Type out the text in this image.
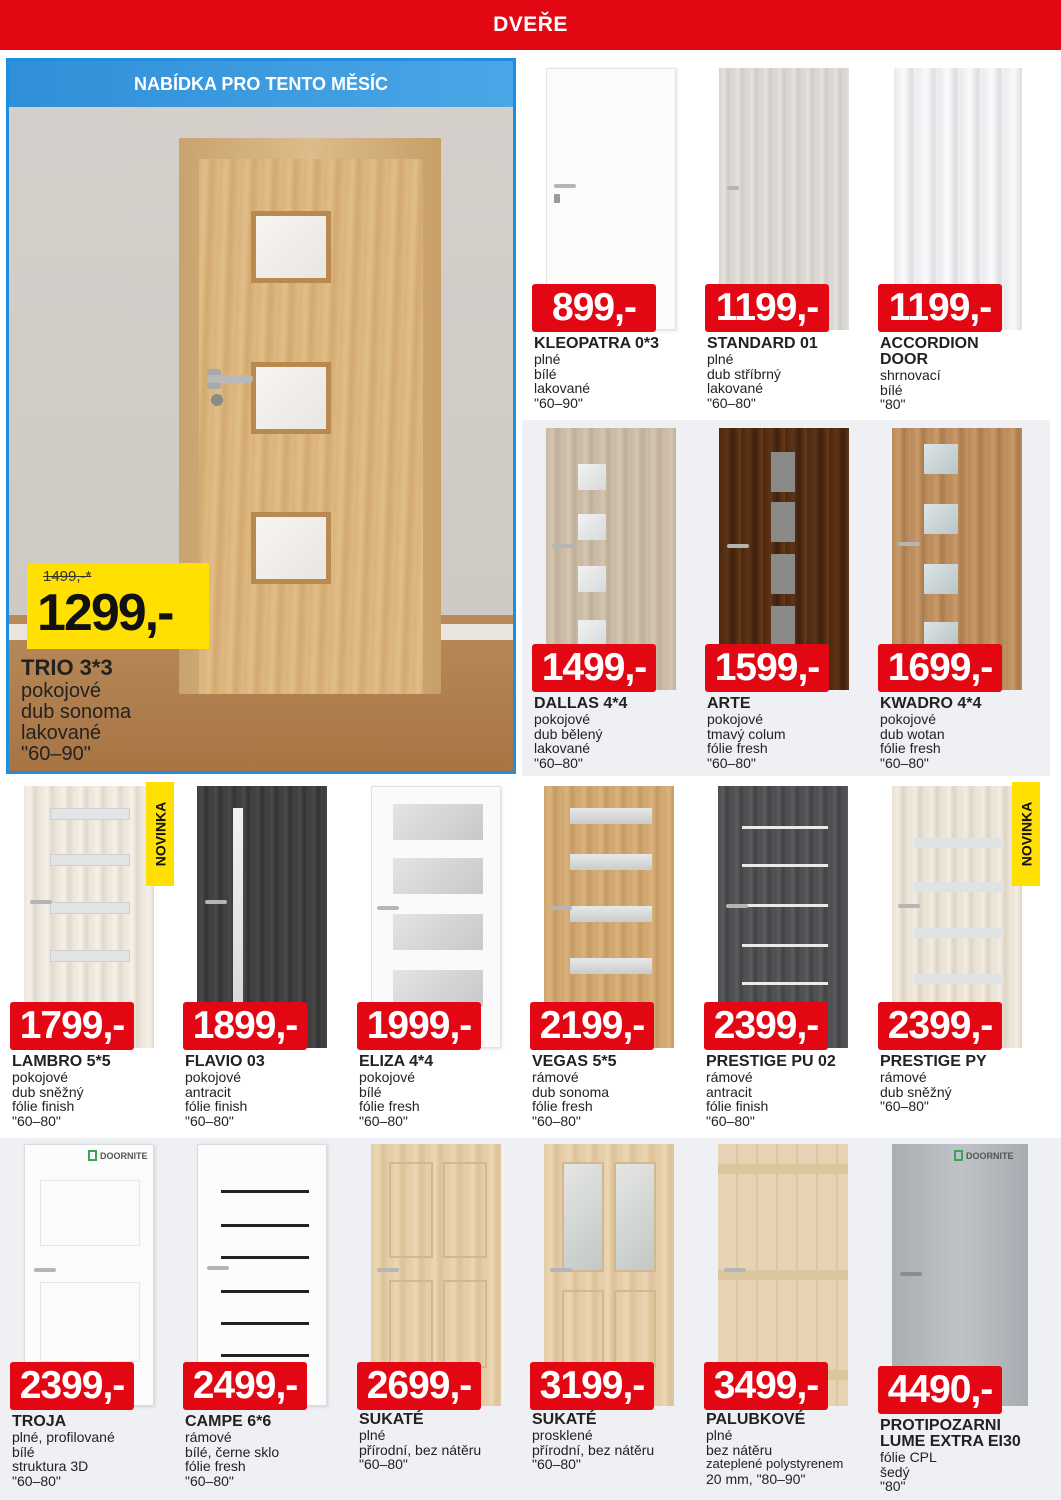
DVEŘE
NABÍDKA PRO TENTO MĚSÍC
1499,-*
1299,-
TRIO 3*3
pokojové
dub sonoma
lakované
"60–90"
899,-
KLEOPATRA 0*3
plné
bílé
lakované
"60–90"
1199,-
STANDARD 01
plné
dub stříbrný
lakované
"60–80"
1199,-
ACCORDION DOOR
shrnovací
bílé
"80"
1499,-
DALLAS 4*4
pokojové
dub bělený
lakované
"60–80"
1599,-
ARTE
pokojové
tmavý colum
fólie fresh
"60–80"
1699,-
KWADRO 4*4
pokojové
dub wotan
fólie fresh
"60–80"
NOVINKA
1799,-
LAMBRO 5*5
pokojové
dub sněžný
fólie finish
"60–80"
1899,-
FLAVIO 03
pokojové
antracit
fólie finish
"60–80"
1999,-
ELIZA 4*4
pokojové
bílé
fólie fresh
"60–80"
2199,-
VEGAS 5*5
rámové
dub sonoma
fólie fresh
"60–80"
2399,-
PRESTIGE PU 02
rámové
antracit
fólie finish
"60–80"
NOVINKA
2399,-
PRESTIGE PY
rámové
dub sněžný
"60–80"
DOORNITE
2399,-
TROJA
plné, profilované
bílé
struktura 3D
"60–80"
2499,-
CAMPE 6*6
rámové
bílé, černe sklo
fólie fresh
"60–80"
2699,-
SUKATÉ
plné
přírodní, bez nátěru
"60–80"
3199,-
SUKATÉ
prosklené
přírodní, bez nátěru
"60–80"
3499,-
PALUBKOVÉ
plné
bez nátěru
zateplené polystyrenem
20 mm, "80–90"
DOORNITE
4490,-
PROTIPOZARNI LUME EXTRA EI30
fólie CPL
šedý
"80"
